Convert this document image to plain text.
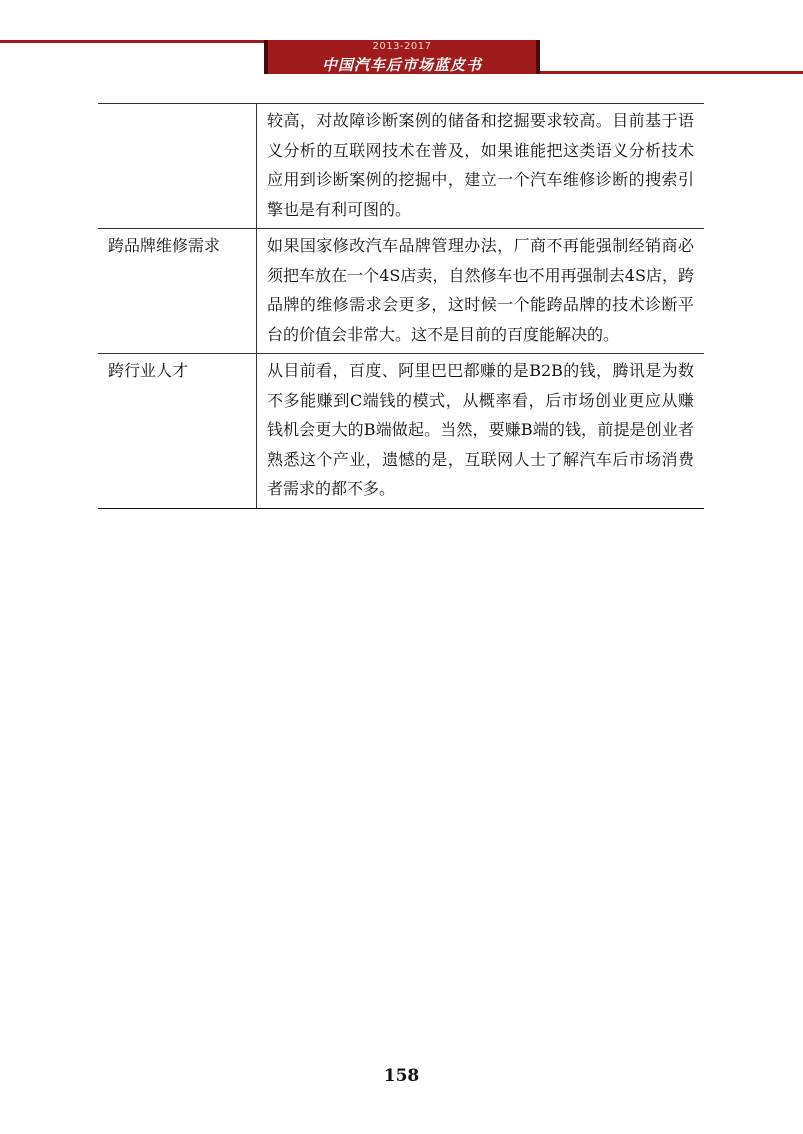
2013-2017
中国汽车后市场蓝皮书
	较高，对故障诊断案例的储备和挖掘要求较高。目前基于语义分析的互联网技术在普及，如果谁能把这类语义分析技术应用到诊断案例的挖掘中，建立一个汽车维修诊断的搜索引擎也是有利可图的。
跨品牌维修需求	如果国家修改汽车品牌管理办法，厂商不再能强制经销商必须把车放在一个4S店卖，自然修车也不用再强制去4S店，跨品牌的维修需求会更多，这时候一个能跨品牌的技术诊断平台的价值会非常大。这不是目前的百度能解决的。
跨行业人才	从目前看，百度、阿里巴巴都赚的是B2B的钱，腾讯是为数不多能赚到C端钱的模式，从概率看，后市场创业更应从赚钱机会更大的B端做起。当然，要赚B端的钱，前提是创业者熟悉这个产业，遗憾的是，互联网人士了解汽车后市场消费者需求的都不多。
158
